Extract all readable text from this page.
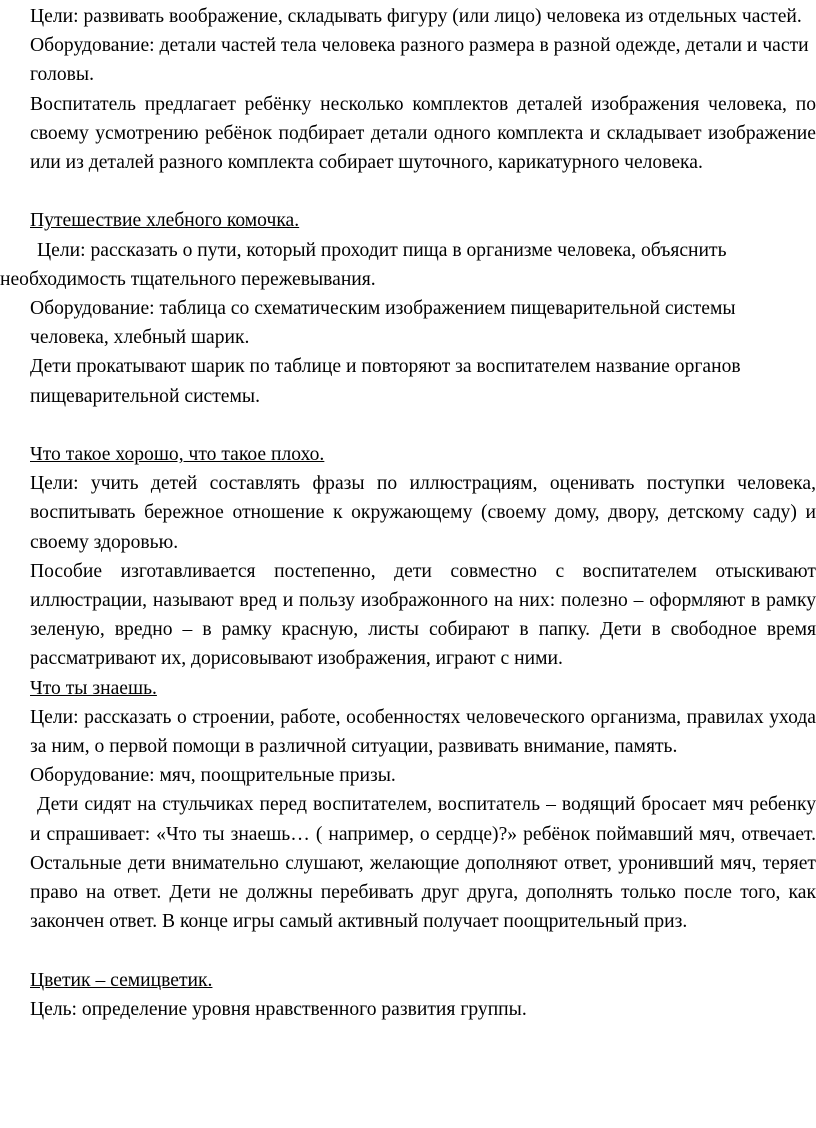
Цели: развивать воображение, складывать фигуру (или лицо) человека из отдельных частей.

Оборудование: детали частей тела человека разного размера в разной одежде, детали и части головы.

Воспитатель предлагает ребёнку несколько комплектов деталей изображения человека, по своему усмотрению ребёнок подбирает детали одного комплекта и складывает изображение или из деталей разного комплекта собирает шуточного, карикатурного человека.

Путешествие хлебного комочка.

Цели: рассказать о пути, который проходит пища в организме человека, объяснить необходимость тщательного пережевывания.

Оборудование: таблица со схематическим изображением пищеварительной системы человека, хлебный шарик.

Дети прокатывают шарик по таблице и повторяют за воспитателем название органов пищеварительной системы.

Что такое хорошо, что такое плохо.

Цели: учить детей составлять фразы по иллюстрациям, оценивать поступки человека, воспитывать бережное отношение к окружающему (своему дому, двору, детскому саду) и своему здоровью.

Пособие изготавливается постепенно, дети совместно с воспитателем отыскивают иллюстрации, называют вред и пользу изображонного на них: полезно – оформляют в рамку зеленую, вредно – в рамку красную, листы собирают в папку. Дети в свободное время рассматривают их, дорисовывают изображения, играют с ними.

Что ты знаешь.

Цели: рассказать о строении, работе, особенностях человеческого организма, правилах ухода за ним, о первой помощи в различной ситуации, развивать внимание, память.

Оборудование: мяч, поощрительные призы.

Дети сидят на стульчиках перед воспитателем, воспитатель – водящий бросает мяч ребенку и спрашивает: «Что ты знаешь… ( например, о сердце)?» ребёнок поймавший мяч, отвечает. Остальные дети внимательно слушают, желающие дополняют ответ, уронивший мяч, теряет право на ответ. Дети не должны перебивать друг друга, дополнять только после того, как закончен ответ. В конце игры самый активный получает поощрительный приз.

Цветик – семицветик.

Цель: определение уровня нравственного развития группы.
